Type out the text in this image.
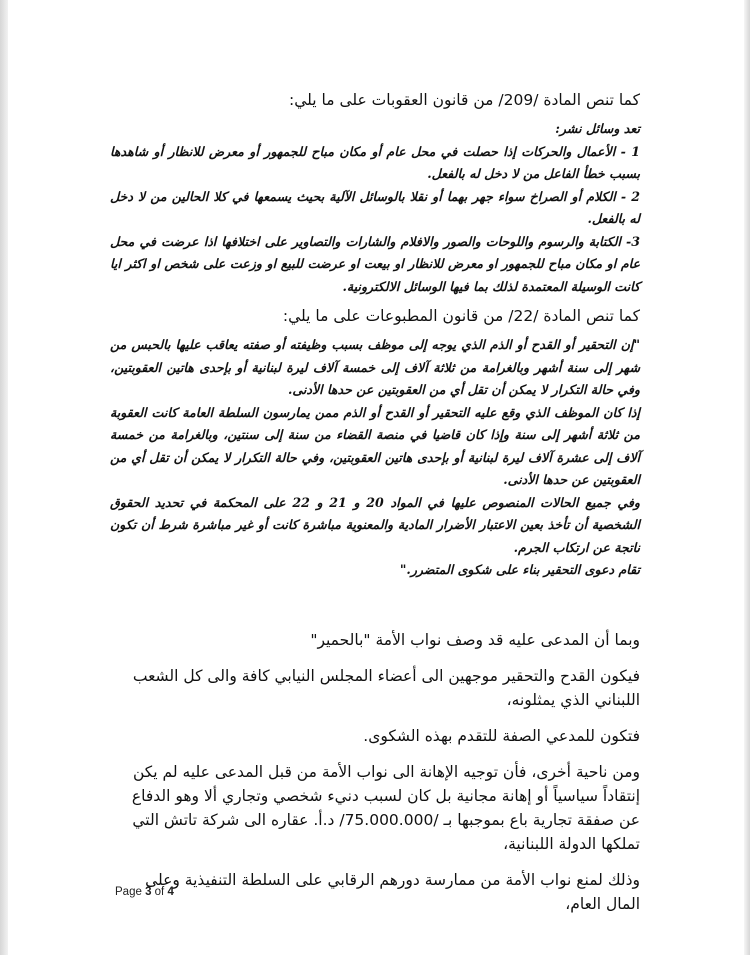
كما تنص المادة /209/ من قانون العقوبات على ما يلي:

تعد وسائل نشر:

1 - الأعمال والحركات إذا حصلت في محل عام أو مكان مباح للجمهور أو معرض للانظار أو شاهدها بسبب خطأ الفاعل من لا دخل له بالفعل.

2 - الكلام أو الصراخ سواء جهر بهما أو نقلا بالوسائل الآلية بحيث يسمعها في كلا الحالين من لا دخل له بالفعل.

3- الكتابة والرسوم واللوحات والصور والافلام والشارات والتصاوير على اختلافها اذا عرضت في محل عام او مكان مباح للجمهور او معرض للانظار او بيعت او عرضت للبيع او وزعت على شخص او اكثر ايا كانت الوسيلة المعتمدة لذلك بما فيها الوسائل الالكترونية.

كما تنص المادة /22/ من قانون المطبوعات على ما يلي:

"إن التحقير أو القدح أو الذم الذي يوجه إلى موظف بسبب وظيفته أو صفته يعاقب عليها بالحبس من شهر إلى سنة أشهر وبالغرامة من ثلاثة آلاف إلى خمسة آلاف ليرة لبنانية أو بإحدى هاتين العقوبتين، وفي حالة التكرار لا يمكن أن تقل أي من العقوبتين عن حدها الأدنى.

إذا كان الموظف الذي وقع عليه التحقير أو القدح أو الذم ممن يمارسون السلطة العامة كانت العقوبة من ثلاثة أشهر إلى سنة وإذا كان قاضيا في منصة القضاء من سنة إلى سنتين، وبالغرامة من خمسة آلاف إلى عشرة آلاف ليرة لبنانية أو بإحدى هاتين العقوبتين، وفي حالة التكرار لا يمكن أن تقل أي من العقوبتين عن حدها الأدنى.

وفي جميع الحالات المنصوص عليها في المواد 20 و 21 و 22 على المحكمة في تحديد الحقوق الشخصية أن تأخذ بعين الاعتبار الأضرار المادية والمعنوية مباشرة كانت أو غير مباشرة شرط أن تكون ناتجة عن ارتكاب الجرم.

تقام دعوى التحقير بناء على شكوى المتضرر."

وبما أن المدعى عليه قد وصف نواب الأمة "بالحمير"

فيكون القدح والتحقير موجهين الى أعضاء المجلس النيابي كافة والى كل الشعب اللبناني الذي يمثلونه،

فتكون للمدعي الصفة للتقدم بهذه الشكوى.

ومن ناحية أخرى، فأن توجيه الإهانة الى نواب الأمة من قبل المدعى عليه لم يكن إنتقاداً سياسياً أو إهانة مجانية بل كان لسبب دنيء شخصي وتجاري ألا وهو الدفاع عن صفقة تجارية باع بموجبها بـ /75.000.000/ د.أ. عقاره الى شركة تاتش التي تملكها الدولة اللبنانية،

وذلك لمنع نواب الأمة من ممارسة دورهم الرقابي على السلطة التنفيذية وعلى المال العام،

Page 3 of 4
